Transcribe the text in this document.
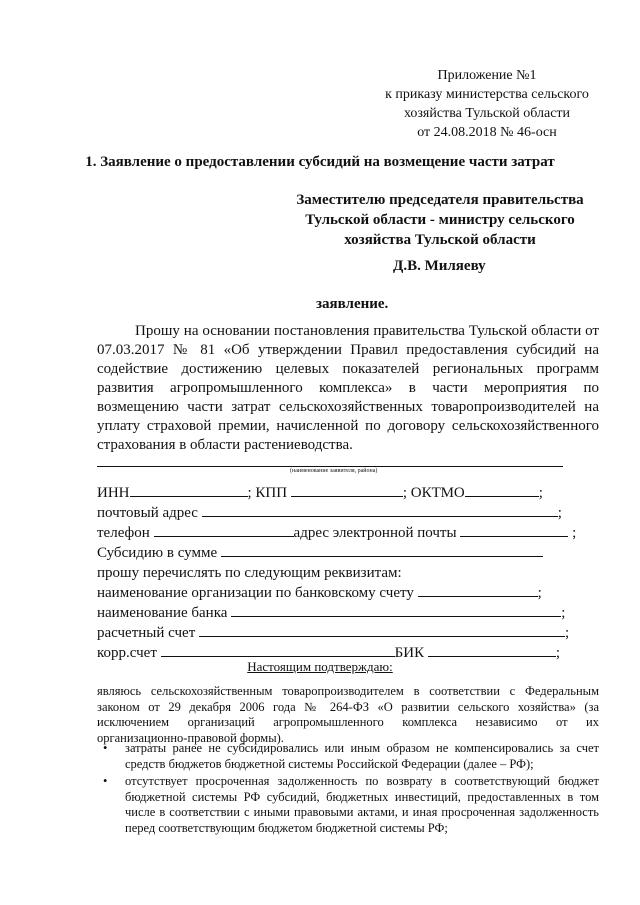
Приложение №1
к приказу министерства сельского
хозяйства Тульской области
от 24.08.2018 № 46-осн
1. Заявление о предоставлении субсидий на возмещение части затрат
Заместителю председателя правительства
Тульской области - министру сельского
хозяйства Тульской области
Д.В. Миляеву
заявление.
Прошу на основании постановления правительства Тульской области от 07.03.2017 № 81 «Об утверждении Правил предоставления субсидий на содействие достижению целевых показателей региональных программ развития агропромышленного комплекса» в части мероприятия по возмещению части затрат сельскохозяйственных товаропроизводителей на уплату страховой премии, начисленной по договору сельскохозяйственного страхования в области растениеводства.
(наименование заявителя, района)
ИНН	; КПП	; ОКТМО	;
почтовый адрес	;
телефон	адрес электронной почты	;
Субсидию в сумме
прошу перечислять по следующим реквизитам:
наименование организации по банковскому счету	;
наименование банка	;
расчетный счет	;
корр.счет	БИК	;
Настоящим подтверждаю:
являюсь сельскохозяйственным товаропроизводителем в соответствии с Федеральным законом от 29 декабря 2006 года № 264-ФЗ «О развитии сельского хозяйства» (за исключением организаций агропромышленного комплекса независимо от их организационно-правовой формы).
• затраты ранее не субсидировались или иным образом не компенсировались за счет средств бюджетов бюджетной системы Российской Федерации (далее – РФ);
• отсутствует просроченная задолженность по возврату в соответствующий бюджет бюджетной системы РФ субсидий, бюджетных инвестиций, предоставленных в том числе в соответствии с иными правовыми актами, и иная просроченная задолженность перед соответствующим бюджетом бюджетной системы РФ;
